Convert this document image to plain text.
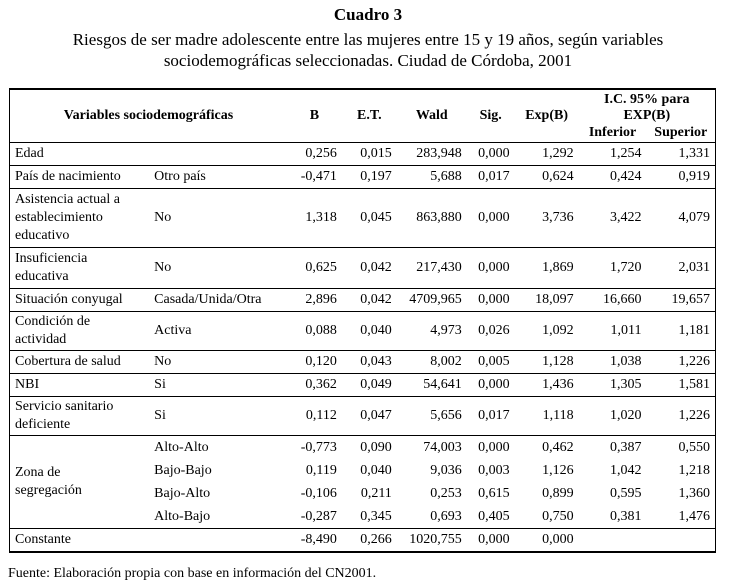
Cuadro 3
Riesgos de ser madre adolescente entre las mujeres entre 15 y 19 años, según variables
sociodemográficas seleccionadas. Ciudad de Córdoba, 2001
Variables sociodemográficas		B	E.T.	Wald	Sig.	Exp(B)	I.C. 95% para EXP(B)	
							Inferior	Superior
Edad		0,256	0,015	283,948	0,000	1,292	1,254	1,331
País de nacimiento	Otro país	-0,471	0,197	5,688	0,017	0,624	0,424	0,919

Asistencia actual a
establecimiento
educativo	No	1,318	0,045	863,880	0,000	3,736	3,422	4,079

Insuficiencia
educativa	No	0,625	0,042	217,430	0,000	1,869	1,720	2,031
Situación conyugal	Casada/Unida/Otra	2,896	0,042	4709,965	0,000	18,097	16,660	19,657

Condición de
actividad	Activa	0,088	0,040	4,973	0,026	1,092	1,011	1,181
Cobertura de salud	No	0,120	0,043	8,002	0,005	1,128	1,038	1,226
NBI	Si	0,362	0,049	54,641	0,000	1,436	1,305	1,581

Servicio sanitario
deficiente	Si	0,112	0,047	5,656	0,017	1,118	1,020	1,226

Zona de
segregación	Alto-Alto	-0,773	0,090	74,003	0,000	0,462	0,387	0,550
	Bajo-Bajo	0,119	0,040	9,036	0,003	1,126	1,042	1,218
	Bajo-Alto	-0,106	0,211	0,253	0,615	0,899	0,595	1,360
	Alto-Bajo	-0,287	0,345	0,693	0,405	0,750	0,381	1,476
Constante		-8,490	0,266	1020,755	0,000	0,000		
Fuente: Elaboración propia con base en información del CN2001.
